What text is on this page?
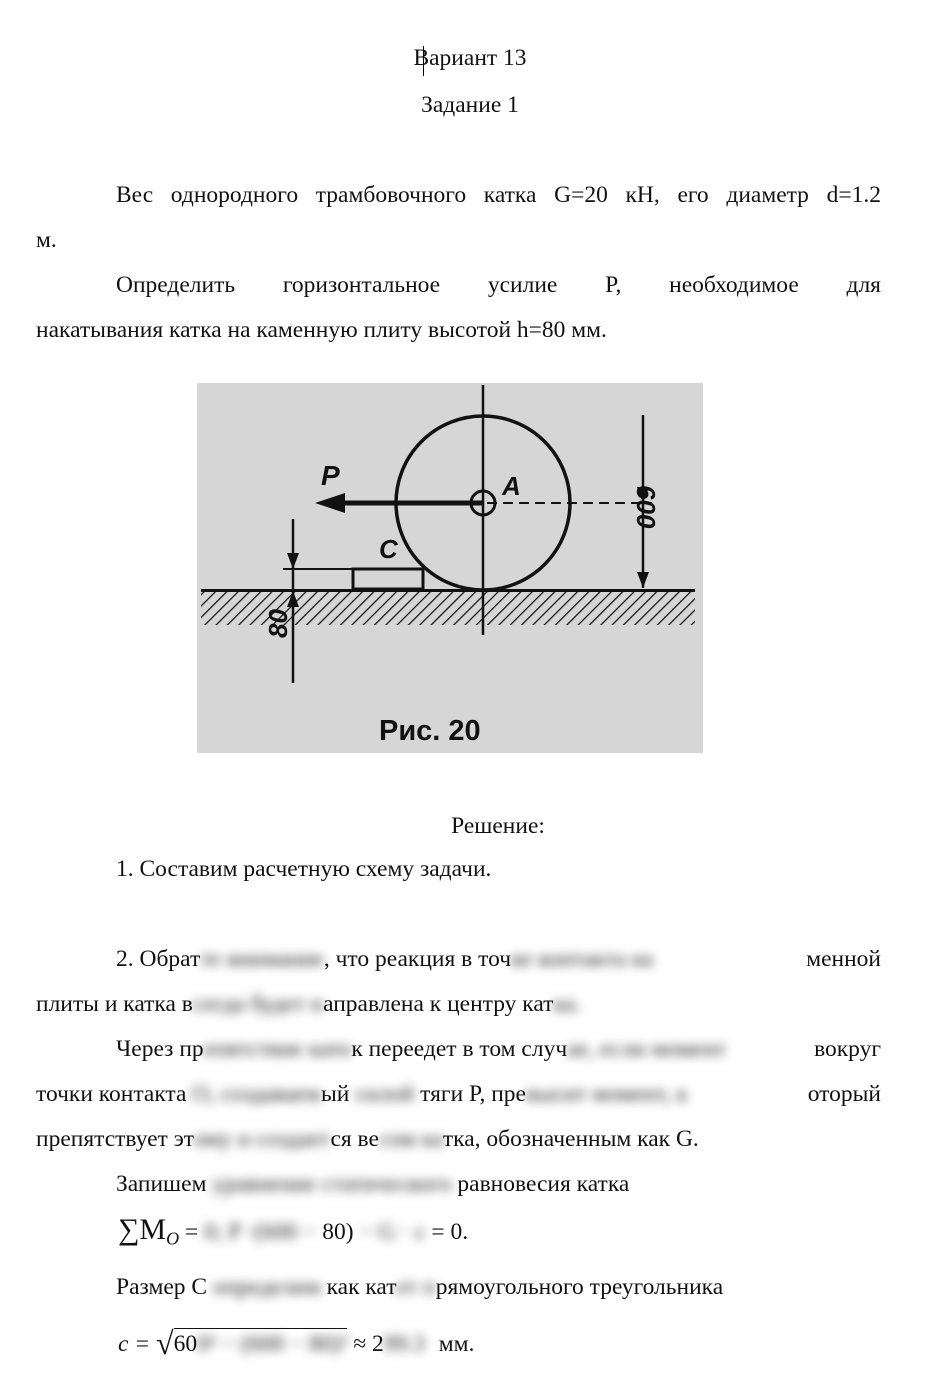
Вариант 13
Задание 1
Вес однородного трамбовочного катка G=20 кН, его диаметр d=1.2
м.
Определить горизонтальное усилие P, необходимое для
накатывания катка на каменную плиту высотой h=80 мм.
P	A
C
600
80
Рис. 20
Решение:
1. Составим расчетную схему задачи.
2. Обратте внимание, что реакция в точке контакта ка	менной
плиты и катка всегда будет направлена к центру катка.
Через препятствие каток переедет в том случае, если момент	вокруг
точки контакта O, создаваемый силой тяги P, превысит момент, к	оторый
препятствует этому и создается весом катка, обозначенным как G.
Запишем уравнение статического равновесия катка
$\sum M_O = 0$; P ·(600 − 80) − G · c = 0.
Размер C определим как катет прямоугольного треугольника
c = √600² − (600 − 80)² ≈ 299.3 мм.
